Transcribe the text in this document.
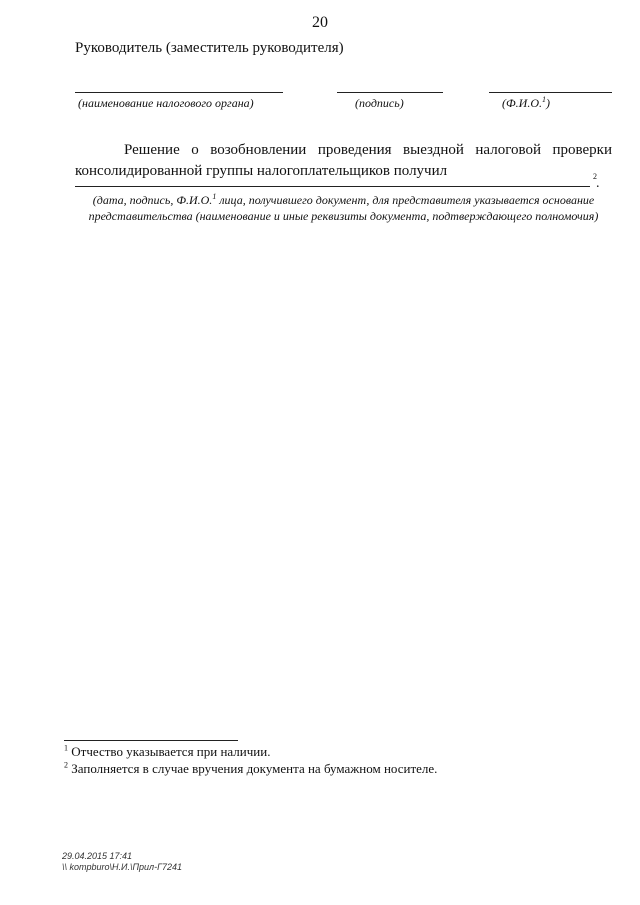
20
Руководитель (заместитель руководителя)
(наименование налогового органа)	(подпись)	(Ф.И.О.$^1$)
Решение о возобновлении проведения выездной налоговой проверки
консолидированной группы налогоплательщиков получил	2 .
(дата, подпись, Ф.И.О.$^1$ лица, получившего документ, для представителя указывается основание представительства (наименование и иные реквизиты документа, подтверждающего полномочия)
$^1$ Отчество указывается при наличии.
$^2$ Заполняется в случае вручения документа на бумажном носителе.
29.04.2015 17:41
\\ kompburo\Н.И.\Прил-Г7241
